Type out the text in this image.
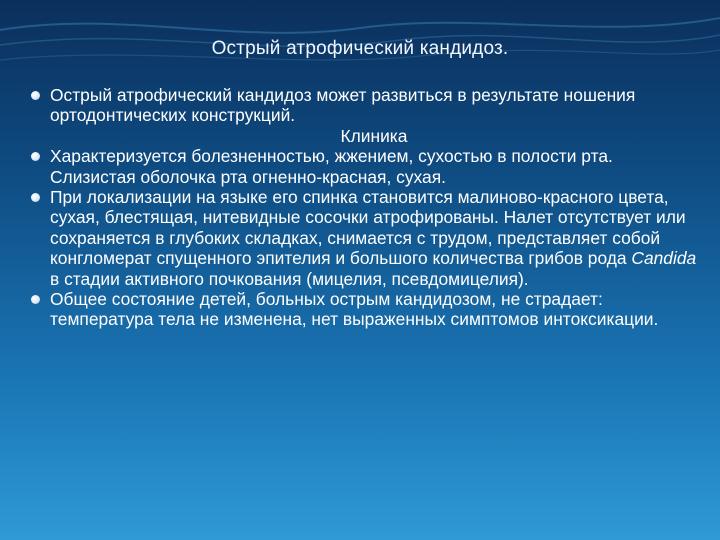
Острый атрофический кандидоз.
Острый атрофический кандидоз может развиться в результате ношения ортодонтических конструкций.
Клиника
Характеризуется болезненностью, жжением, сухостью в полости рта. Слизистая оболочка рта огненно-красная, сухая.
При локализации на языке его спинка становится малиново-красного цвета, сухая, блестящая, нитевидные сосочки атрофированы. Налет отсутствует или сохраняется в глубоких складках, снимается с трудом, представляет собой конгломерат спущенного эпителия и большого количества грибов рода Candida в стадии активного почкования (мицелия, псевдомицелия).
Общее состояние детей, больных острым кандидозом, не страдает: температура тела не изменена, нет выраженных симптомов интоксикации.
